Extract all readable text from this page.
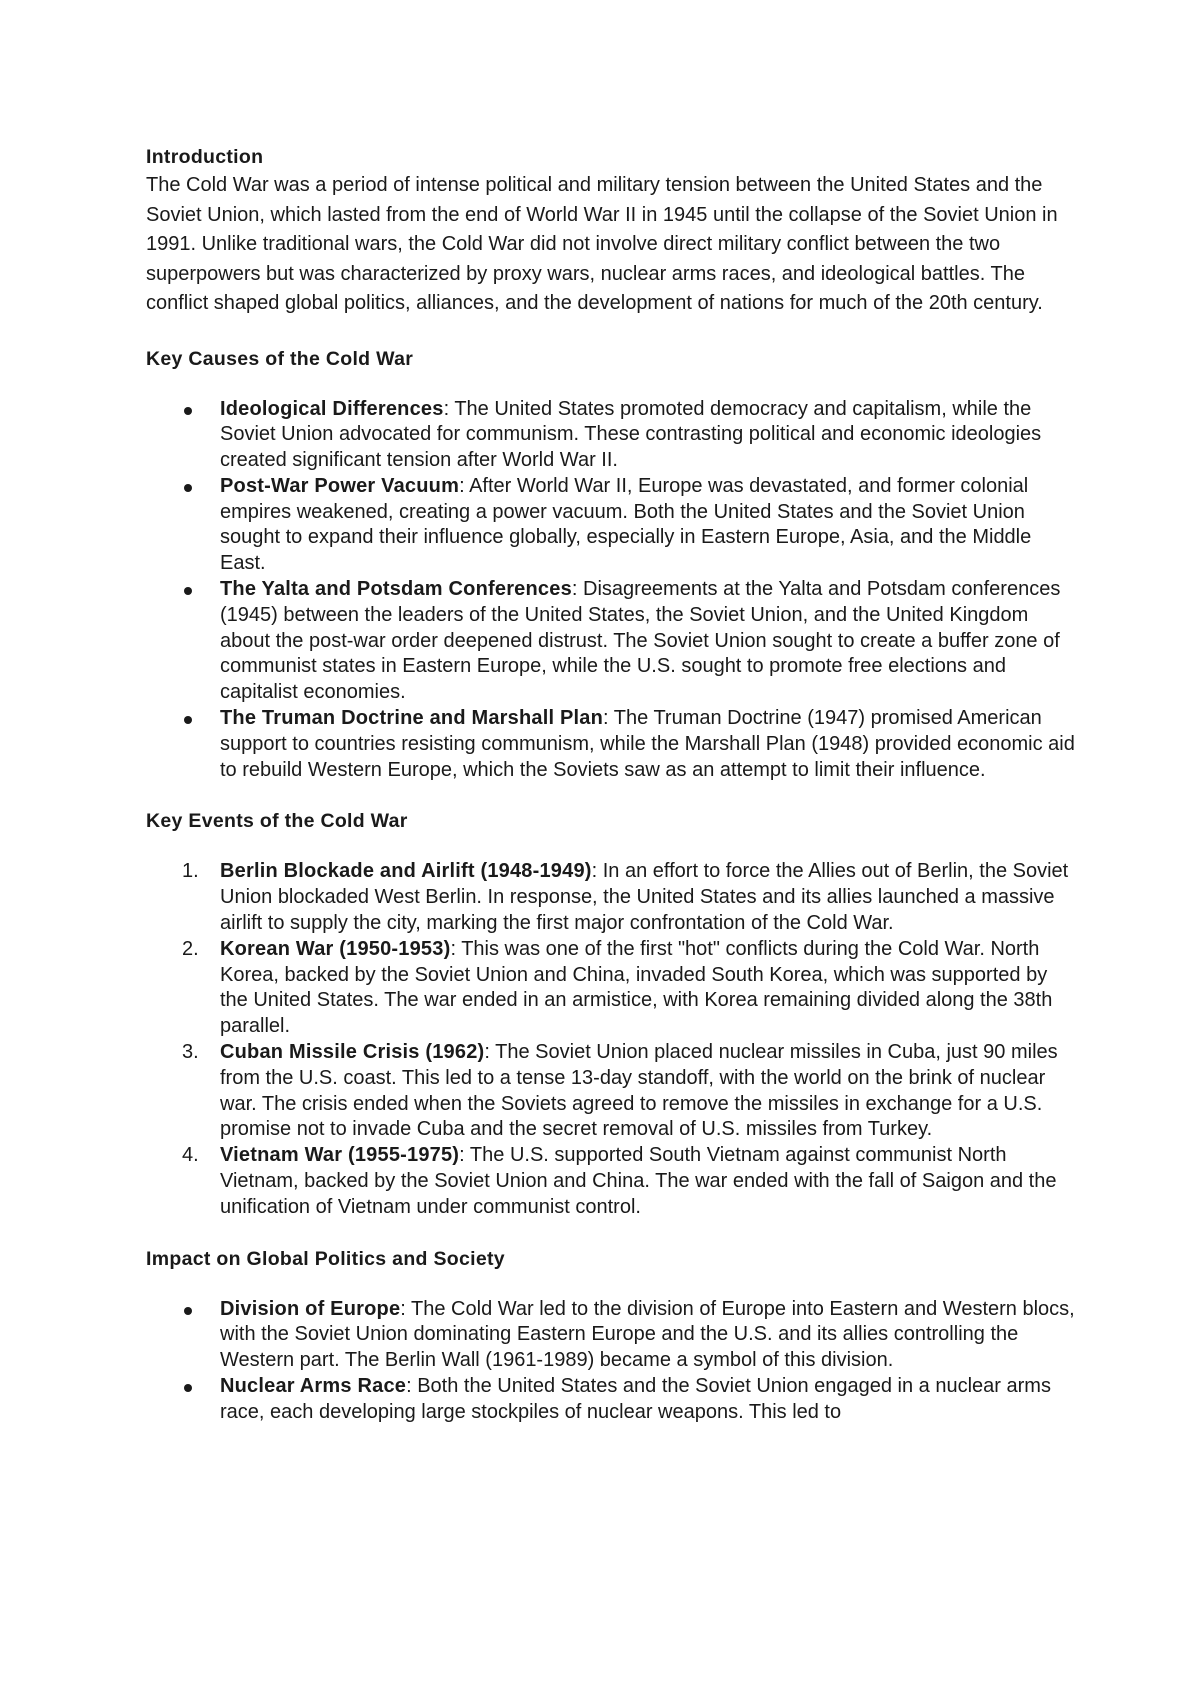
Introduction

The Cold War was a period of intense political and military tension between the United States and the Soviet Union, which lasted from the end of World War II in 1945 until the collapse of the Soviet Union in 1991. Unlike traditional wars, the Cold War did not involve direct military conflict between the two superpowers but was characterized by proxy wars, nuclear arms races, and ideological battles. The conflict shaped global politics, alliances, and the development of nations for much of the 20th century.

Key Causes of the Cold War

Ideological Differences: The United States promoted democracy and capitalism, while the Soviet Union advocated for communism. These contrasting political and economic ideologies created significant tension after World War II.
Post-War Power Vacuum: After World War II, Europe was devastated, and former colonial empires weakened, creating a power vacuum. Both the United States and the Soviet Union sought to expand their influence globally, especially in Eastern Europe, Asia, and the Middle East.
The Yalta and Potsdam Conferences: Disagreements at the Yalta and Potsdam conferences (1945) between the leaders of the United States, the Soviet Union, and the United Kingdom about the post-war order deepened distrust. The Soviet Union sought to create a buffer zone of communist states in Eastern Europe, while the U.S. sought to promote free elections and capitalist economies.
The Truman Doctrine and Marshall Plan: The Truman Doctrine (1947) promised American support to countries resisting communism, while the Marshall Plan (1948) provided economic aid to rebuild Western Europe, which the Soviets saw as an attempt to limit their influence.

Key Events of the Cold War

1. Berlin Blockade and Airlift (1948-1949): In an effort to force the Allies out of Berlin, the Soviet Union blockaded West Berlin. In response, the United States and its allies launched a massive airlift to supply the city, marking the first major confrontation of the Cold War.
2. Korean War (1950-1953): This was one of the first "hot" conflicts during the Cold War. North Korea, backed by the Soviet Union and China, invaded South Korea, which was supported by the United States. The war ended in an armistice, with Korea remaining divided along the 38th parallel.
3. Cuban Missile Crisis (1962): The Soviet Union placed nuclear missiles in Cuba, just 90 miles from the U.S. coast. This led to a tense 13-day standoff, with the world on the brink of nuclear war. The crisis ended when the Soviets agreed to remove the missiles in exchange for a U.S. promise not to invade Cuba and the secret removal of U.S. missiles from Turkey.
4. Vietnam War (1955-1975): The U.S. supported South Vietnam against communist North Vietnam, backed by the Soviet Union and China. The war ended with the fall of Saigon and the unification of Vietnam under communist control.

Impact on Global Politics and Society

Division of Europe: The Cold War led to the division of Europe into Eastern and Western blocs, with the Soviet Union dominating Eastern Europe and the U.S. and its allies controlling the Western part. The Berlin Wall (1961-1989) became a symbol of this division.
Nuclear Arms Race: Both the United States and the Soviet Union engaged in a nuclear arms race, each developing large stockpiles of nuclear weapons. This led to
